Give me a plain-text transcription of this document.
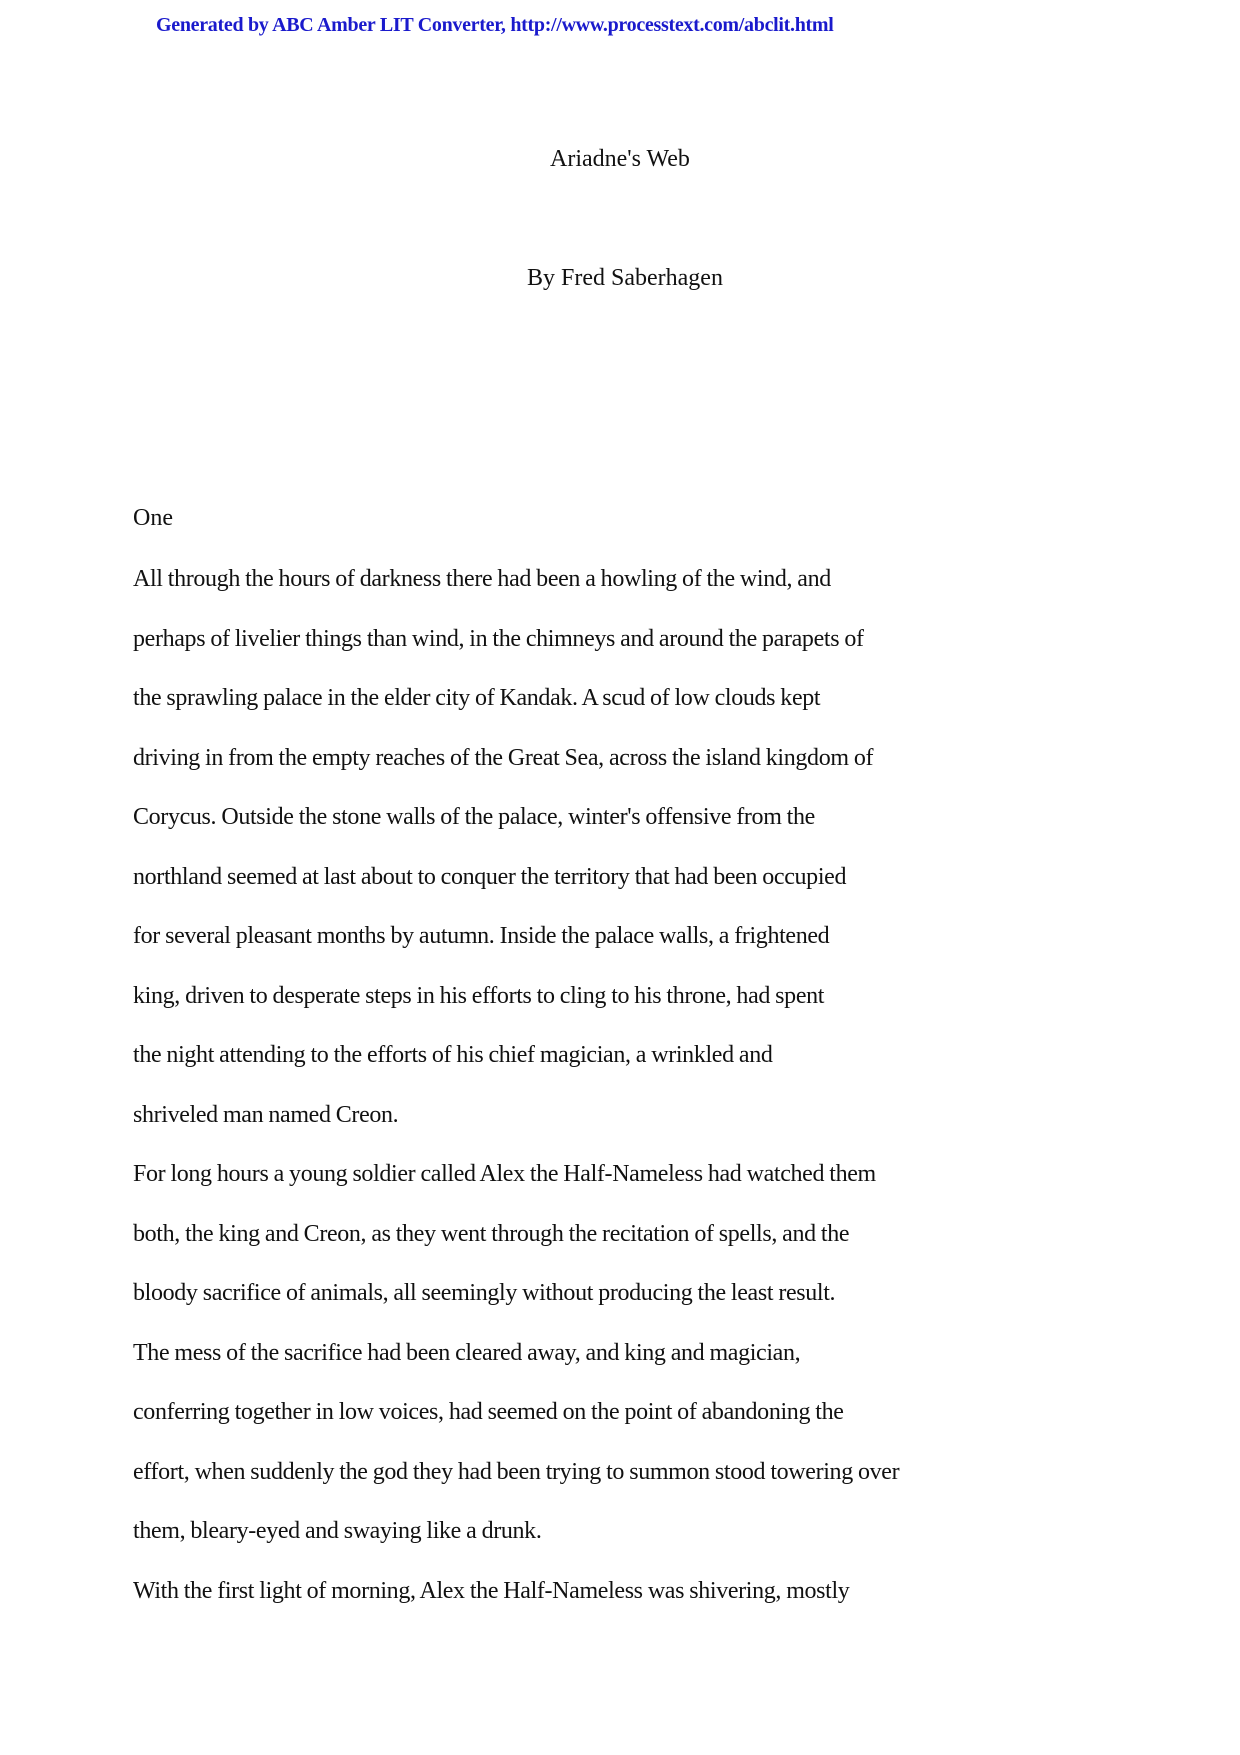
Generated by ABC Amber LIT Converter, http://www.processtext.com/abclit.html
Ariadne's Web
By Fred Saberhagen
One
All through the hours of darkness there had been a howling of the wind, and
perhaps of livelier things than wind, in the chimneys and around the parapets of
the sprawling palace in the elder city of Kandak. A scud of low clouds kept
driving in from the empty reaches of the Great Sea, across the island kingdom of
Corycus. Outside the stone walls of the palace, winter's offensive from the
northland seemed at last about to conquer the territory that had been occupied
for several pleasant months by autumn. Inside the palace walls, a frightened
king, driven to desperate steps in his efforts to cling to his throne, had spent
the night attending to the efforts of his chief magician, a wrinkled and
shriveled man named Creon.
For long hours a young soldier called Alex the Half-Nameless had watched them
both, the king and Creon, as they went through the recitation of spells, and the
bloody sacrifice of animals, all seemingly without producing the least result.
The mess of the sacrifice had been cleared away, and king and magician,
conferring together in low voices, had seemed on the point of abandoning the
effort, when suddenly the god they had been trying to summon stood towering over
them, bleary-eyed and swaying like a drunk.
With the first light of morning, Alex the Half-Nameless was shivering, mostly
